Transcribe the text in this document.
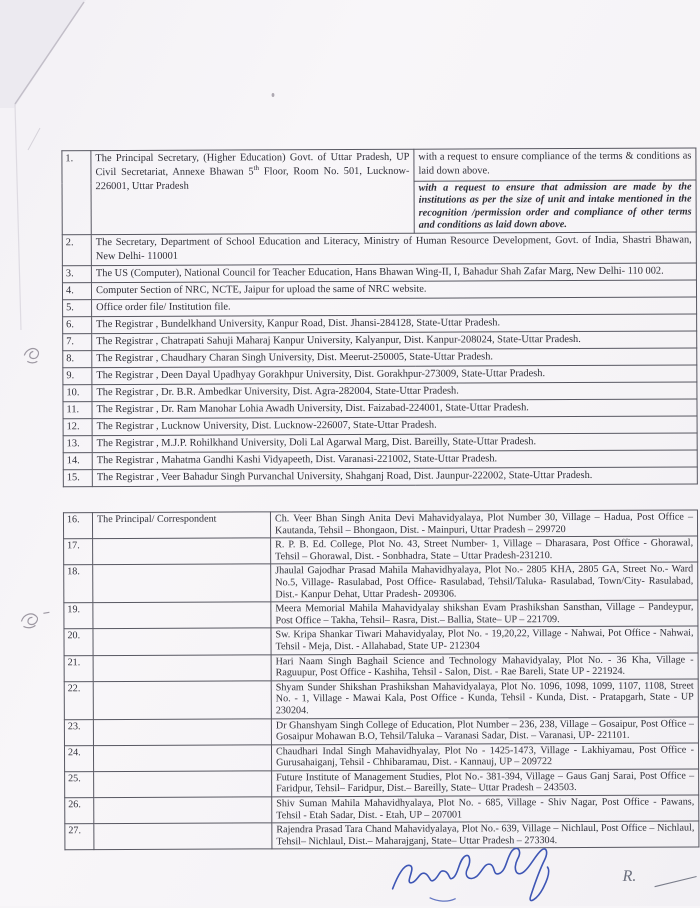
1.	The Principal Secretary, (Higher Education) Govt. of Uttar Pradesh, UP Civil Secretariat, Annexe Bhawan 5th Floor, Room No. 501, Lucknow-226001, Uttar Pradesh	with a request to ensure compliance of the terms & conditions as laid down above.
		with a request to ensure that admission are made by the institutions as per the size of unit and intake mentioned in the recognition /permission order and compliance of other terms and conditions as laid down above.
2.	The Secretary, Department of School Education and Literacy, Ministry of Human Resource Development, Govt. of India, Shastri Bhawan, New Delhi- 110001	
3.	The US (Computer), National Council for Teacher Education, Hans Bhawan Wing-II, I, Bahadur Shah Zafar Marg, New Delhi- 110 002.	
4.	Computer Section of NRC, NCTE, Jaipur for upload the same of NRC website.	
5.	Office order file/ Institution file.	
6.	The Registrar , Bundelkhand University, Kanpur Road, Dist. Jhansi-284128, State-Uttar Pradesh.	
7.	The Registrar , Chatrapati Sahuji Maharaj Kanpur University, Kalyanpur, Dist. Kanpur-208024, State-Uttar Pradesh.	
8.	The Registrar , Chaudhary Charan Singh University, Dist. Meerut-250005, State-Uttar Pradesh.	
9.	The Registrar , Deen Dayal Upadhyay Gorakhpur University, Dist. Gorakhpur-273009, State-Uttar Pradesh.	
10.	The Registrar , Dr. B.R. Ambedkar University, Dist. Agra-282004, State-Uttar Pradesh.	
11.	The Registrar , Dr. Ram Manohar Lohia Awadh University, Dist. Faizabad-224001, State-Uttar Pradesh.	
12.	The Registrar , Lucknow University, Dist. Lucknow-226007, State-Uttar Pradesh.	
13.	The Registrar , M.J.P. Rohilkhand University, Doli Lal Agarwal Marg, Dist. Bareilly, State-Uttar Pradesh.	
14.	The Registrar , Mahatma Gandhi Kashi Vidyapeeth, Dist. Varanasi-221002, State-Uttar Pradesh.	
15.	The Registrar , Veer Bahadur Singh Purvanchal University, Shahganj Road, Dist. Jaunpur-222002, State-Uttar Pradesh.	
16.	The Principal/ Correspondent	Ch. Veer Bhan Singh Anita Devi Mahavidyalaya, Plot Number 30, Village – Hadua, Post Office – Kautanda, Tehsil – Bhongaon, Dist. - Mainpuri, Uttar Pradesh – 299720
17.		R. P. B. Ed. College, Plot No. 43, Street Number- 1, Village – Dharasara, Post Office - Ghorawal, Tehsil – Ghorawal, Dist. - Sonbhadra, State – Uttar Pradesh-231210.
18.		Jhaulal Gajodhar Prasad Mahila Mahavidhyalaya, Plot No.- 2805 KHA, 2805 GA, Street No.- Ward No.5, Village- Rasulabad, Post Office- Rasulabad, Tehsil/Taluka- Rasulabad, Town/City- Rasulabad, Dist.- Kanpur Dehat, Uttar Pradesh- 209306.
19.		Meera Memorial Mahila Mahavidyalay shikshan Evam Prashikshan Sansthan, Village – Pandeypur, Post Office – Takha, Tehsil– Rasra, Dist.– Ballia, State– UP – 221709.
20.		Sw. Kripa Shankar Tiwari Mahavidyalay, Plot No. - 19,20,22, Village - Nahwai, Pot Office - Nahwai, Tehsil - Meja, Dist. - Allahabad, State UP- 212304
21.		Hari Naam Singh Baghail Science and Technology Mahavidyalay, Plot No. - 36 Kha, Village - Raguupur, Post Office - Kashiha, Tehsil - Salon, Dist. - Rae Bareli, State UP - 221924.
22.		Shyam Sunder Shikshan Prashikshan Mahavidyalaya, Plot No. 1096, 1098, 1099, 1107, 1108, Street No. - 1, Village - Mawai Kala, Post Office - Kunda, Tehsil - Kunda, Dist. - Pratapgarh, State - UP 230204.
23.		Dr Ghanshyam Singh College of Education, Plot Number – 236, 238, Village – Gosaipur, Post Office – Gosaipur Mohawan B.O, Tehsil/Taluka – Varanasi Sadar, Dist. – Varanasi, UP- 221101.
24.		Chaudhari Indal Singh Mahavidhyalay, Plot No - 1425-1473, Village - Lakhiyamau, Post Office - Gurusahaiganj, Tehsil - Chhibaramau, Dist. - Kannauj, UP – 209722
25.		Future Institute of Management Studies, Plot No.- 381-394, Village – Gaus Ganj Sarai, Post Office – Faridpur, Tehsil– Faridpur, Dist.– Bareilly, State– Uttar Pradesh – 243503.
26.		Shiv Suman Mahila Mahavidhyalaya, Plot No. - 685, Village - Shiv Nagar, Post Office - Pawans, Tehsil - Etah Sadar, Dist. - Etah, UP – 207001
27.		Rajendra Prasad Tara Chand Mahavidyalaya, Plot No.- 639, Village – Nichlaul, Post Office – Nichlaul, Tehsil– Nichlaul, Dist.– Maharajganj, State– Uttar Pradesh – 273304.
R.
